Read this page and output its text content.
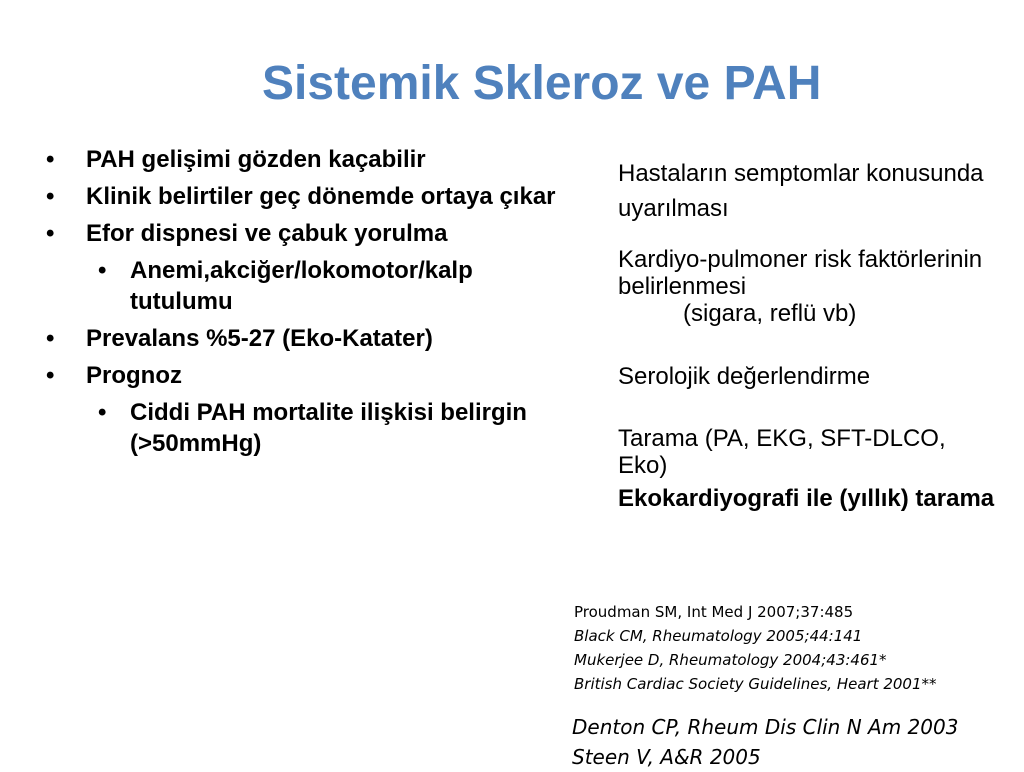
Sistemik Skleroz ve PAH
• PAH gelişimi gözden kaçabilir
• Klinik belirtiler geç dönemde ortaya çıkar
• Efor dispnesi ve çabuk yorulma
• Anemi,akciğer/lokomotor/kalp tutulumu
• Prevalans %5-27 (Eko-Katater)
• Prognoz
• Ciddi PAH mortalite ilişkisi belirgin (>50mmHg)

Hastaların semptomlar konusunda uyarılması

Kardiyo-pulmoner risk faktörlerinin belirlenmesi
(sigara, reflü vb)

Serolojik değerlendirme

Tarama (PA, EKG, SFT-DLCO, Eko)

Ekokardiyografi ile (yıllık) tarama

Proudman SM, Int Med J 2007;37:485
Black CM, Rheumatology 2005;44:141
Mukerjee D, Rheumatology 2004;43:461*
British Cardiac Society Guidelines, Heart 2001**
Denton CP, Rheum Dis Clin N Am 2003
Steen V, A&R 2005
